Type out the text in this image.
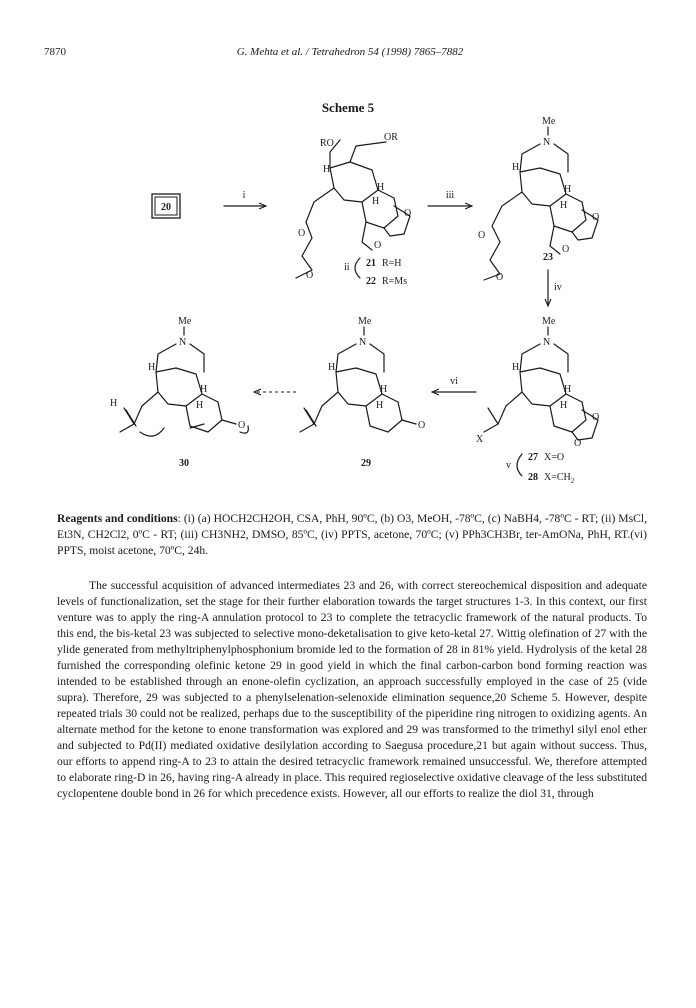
7870	G. Mehta et al. / Tetrahedron 54 (1998) 7865–7882
Scheme 5
20
i
RO
OR
H
H
H
O
O
O
O
ii 21 R=H
22 R=Ms
iii
Me
N
H
H
H
O
O
O
O
23
iv
Me
N
H
H
H
X
O
O
v
27 X=O
28 $X=CH_2$
vi
Me
N
H
H
H
O
29
Me
N
H
H
H
H
O
30
Reagents and conditions: (i) (a) HOCH2CH2OH, CSA, PhH, 90ºC, (b) O3, MeOH, -78ºC, (c) NaBH4, -78ºC - RT; (ii) MsCl, Et3N, CH2Cl2, 0ºC - RT; (iii) CH3NH2, DMSO, 85ºC, (iv) PPTS, acetone, 70ºC; (v) PPh3CH3Br, ter-AmONa, PhH, RT.(vi) PPTS, moist acetone, 70ºC, 24h.

The successful acquisition of advanced intermediates 23 and 26, with correct stereochemical disposition and adequate levels of functionalization, set the stage for their further elaboration towards the target structures 1-3. In this context, our first venture was to apply the ring-A annulation protocol to 23 to complete the tetracyclic framework of the natural products. To this end, the bis-ketal 23 was subjected to selective mono-deketalisation to give keto-ketal 27. Wittig olefination of 27 with the ylide generated from methyltriphenylphosphonium bromide led to the formation of 28 in 81% yield. Hydrolysis of the ketal 28 furnished the corresponding olefinic ketone 29 in good yield in which the final carbon-carbon bond forming reaction was intended to be established through an enone-olefin cyclization, an approach successfully employed in the case of 25 (vide supra). Therefore, 29 was subjected to a phenylselenation-selenoxide elimination sequence,20 Scheme 5. However, despite repeated trials 30 could not be realized, perhaps due to the susceptibility of the piperidine ring nitrogen to oxidizing agents. An alternate method for the ketone to enone transformation was explored and 29 was transformed to the trimethyl silyl enol ether and subjected to Pd(II) mediated oxidative desilylation according to Saegusa procedure,21 but again without success. Thus, our efforts to append ring-A to 23 to attain the desired tetracyclic framework remained unsuccessful. We, therefore attempted to elaborate ring-D in 26, having ring-A already in place. This required regioselective oxidative cleavage of the less substituted cyclopentene double bond in 26 for which precedence exists. However, all our efforts to realize the diol 31, through
